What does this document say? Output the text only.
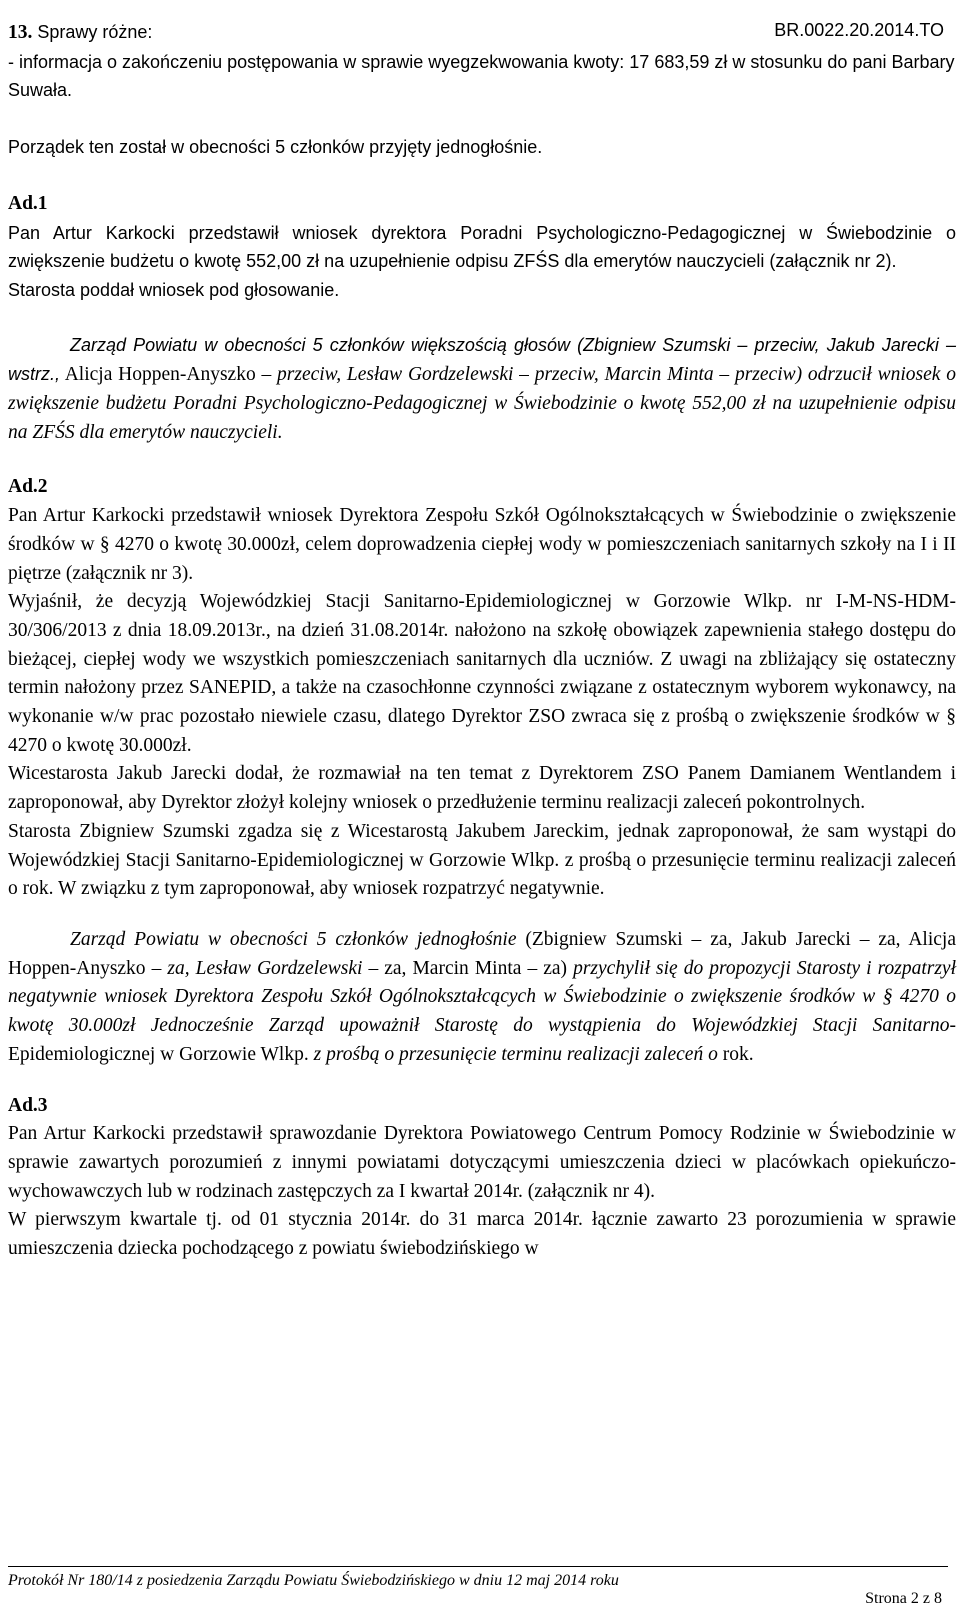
BR.0022.20.2014.TO

13. Sprawy różne:

- informacja o zakończeniu postępowania w sprawie wyegzekwowania kwoty: 17 683,59 zł w stosunku do pani Barbary Suwała.

Porządek ten został w obecności 5 członków przyjęty jednogłośnie.

Ad.1

Pan Artur Karkocki przedstawił wniosek dyrektora Poradni Psychologiczno-Pedagogicznej w Świebodzinie o zwiększenie budżetu o kwotę 552,00 zł na uzupełnienie odpisu ZFŚS dla emerytów nauczycieli (załącznik nr 2).

Starosta poddał wniosek pod głosowanie.

Zarząd Powiatu w obecności 5 członków większością głosów (Zbigniew Szumski – przeciw, Jakub Jarecki – wstrz., Alicja Hoppen-Anyszko – przeciw, Lesław Gordzelewski – przeciw, Marcin Minta – przeciw) odrzucił wniosek o zwiększenie budżetu Poradni Psychologiczno-Pedagogicznej w Świebodzinie o kwotę 552,00 zł na uzupełnienie odpisu na ZFŚS dla emerytów nauczycieli.

Ad.2

Pan Artur Karkocki przedstawił wniosek Dyrektora Zespołu Szkół Ogólnokształcących w Świebodzinie o zwiększenie środków w § 4270 o kwotę 30.000zł, celem doprowadzenia ciepłej wody w pomieszczeniach sanitarnych szkoły na I i II piętrze (załącznik nr 3).

Wyjaśnił, że decyzją Wojewódzkiej Stacji Sanitarno-Epidemiologicznej w Gorzowie Wlkp. nr I-M-NS-HDM-30/306/2013 z dnia 18.09.2013r., na dzień 31.08.2014r. nałożono na szkołę obowiązek zapewnienia stałego dostępu do bieżącej, ciepłej wody we wszystkich pomieszczeniach sanitarnych dla uczniów. Z uwagi na zbliżający się ostateczny termin nałożony przez SANEPID, a także na czasochłonne czynności związane z ostatecznym wyborem wykonawcy, na wykonanie w/w prac pozostało niewiele czasu, dlatego Dyrektor ZSO zwraca się z prośbą o zwiększenie środków w § 4270 o kwotę 30.000zł.

Wicestarosta Jakub Jarecki dodał, że rozmawiał na ten temat z Dyrektorem ZSO Panem Damianem Wentlandem i zaproponował, aby Dyrektor złożył kolejny wniosek o przedłużenie terminu realizacji zaleceń pokontrolnych.

Starosta Zbigniew Szumski zgadza się z Wicestarostą Jakubem Jareckim, jednak zaproponował, że sam wystąpi do Wojewódzkiej Stacji Sanitarno-Epidemiologicznej w Gorzowie Wlkp. z prośbą o przesunięcie terminu realizacji zaleceń o rok. W związku z tym zaproponował, aby wniosek rozpatrzyć negatywnie.

Zarząd Powiatu w obecności 5 członków jednogłośnie (Zbigniew Szumski – za, Jakub Jarecki – za, Alicja Hoppen-Anyszko – za, Lesław Gordzelewski – za, Marcin Minta – za) przychylił się do propozycji Starosty i rozpatrzył negatywnie wniosek Dyrektora Zespołu Szkół Ogólnokształcących w Świebodzinie o zwiększenie środków w § 4270 o kwotę 30.000zł Jednocześnie Zarząd upoważnił Starostę do wystąpienia do Wojewódzkiej Stacji Sanitarno-Epidemiologicznej w Gorzowie Wlkp. z prośbą o przesunięcie terminu realizacji zaleceń o rok.

Ad.3

Pan Artur Karkocki przedstawił sprawozdanie Dyrektora Powiatowego Centrum Pomocy Rodzinie w Świebodzinie w sprawie zawartych porozumień z innymi powiatami dotyczącymi umieszczenia dzieci w placówkach opiekuńczo-wychowawczych lub w rodzinach zastępczych za I kwartał 2014r. (załącznik nr 4).

W pierwszym kwartale tj. od 01 stycznia 2014r. do 31 marca 2014r. łącznie zawarto 23 porozumienia w sprawie umieszczenia dziecka pochodzącego z powiatu świebodzińskiego w

Protokół Nr 180/14 z posiedzenia Zarządu Powiatu Świebodzińskiego w dniu 12 maj 2014 roku
Strona 2 z 8
